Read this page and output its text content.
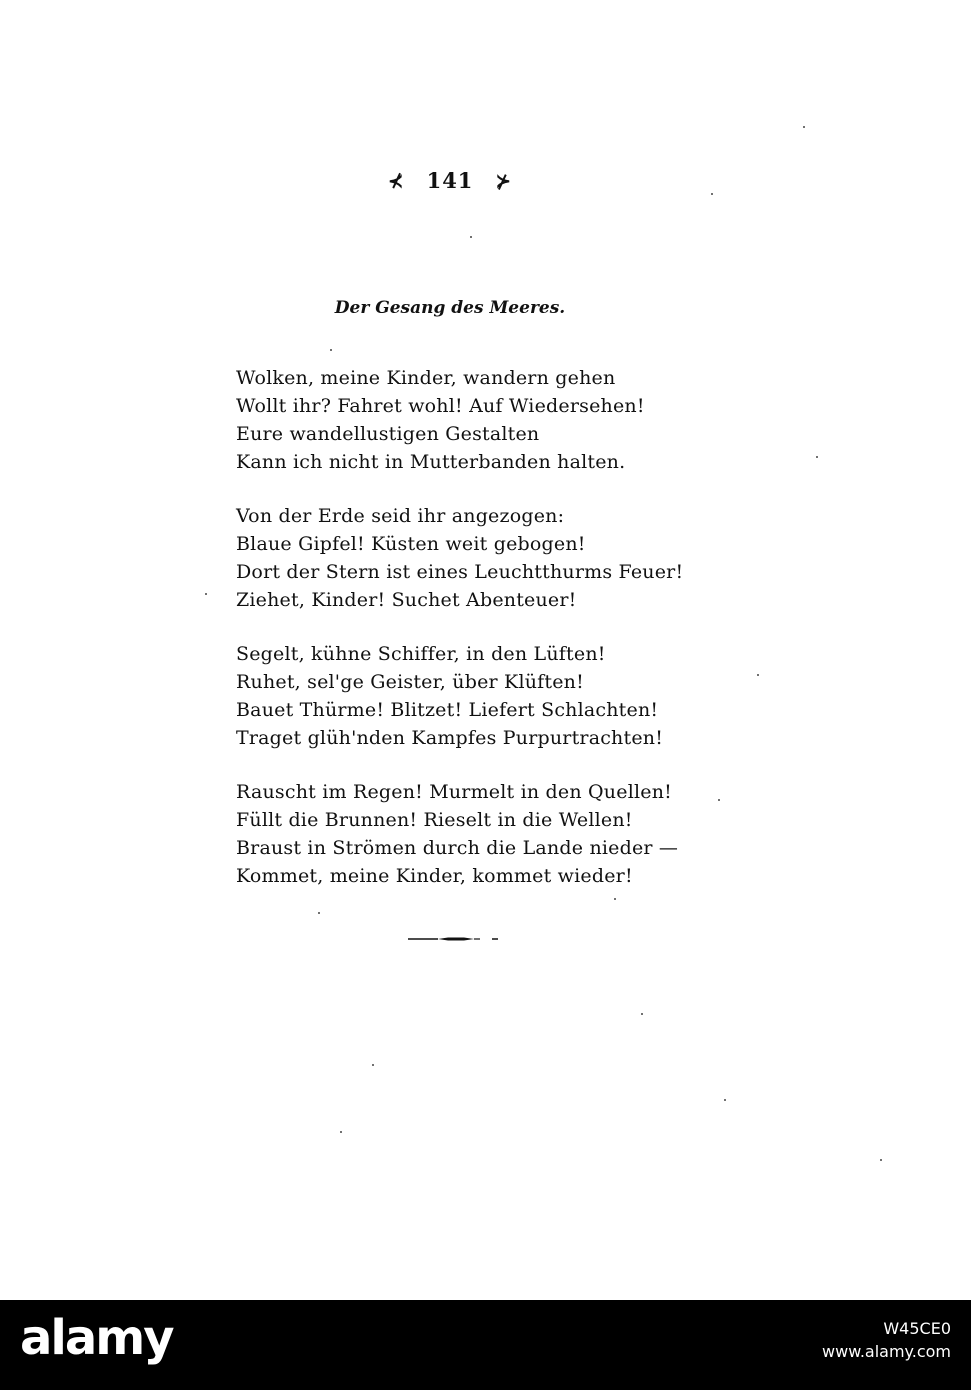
⊀ 141 ⊁
Der Gesang des Meeres.
Wolken, meine Kinder, wandern gehen
Wollt ihr? Fahret wohl! Auf Wiedersehen!
Eure wandellustigen Gestalten
Kann ich nicht in Mutterbanden halten.
Von der Erde seid ihr angezogen:
Blaue Gipfel! Küsten weit gebogen!
Dort der Stern ist eines Leuchtthurms Feuer!
Ziehet, Kinder! Suchet Abenteuer!
Segelt, kühne Schiffer, in den Lüften!
Ruhet, sel'ge Geister, über Klüften!
Bauet Thürme! Blitzet! Liefert Schlachten!
Traget glüh'nden Kampfes Purpurtrachten!
Rauscht im Regen! Murmelt in den Quellen!
Füllt die Brunnen! Rieselt in die Wellen!
Braust in Strömen durch die Lande nieder —
Kommet, meine Kinder, kommet wieder!
alamy	W45CE0
www.alamy.com
